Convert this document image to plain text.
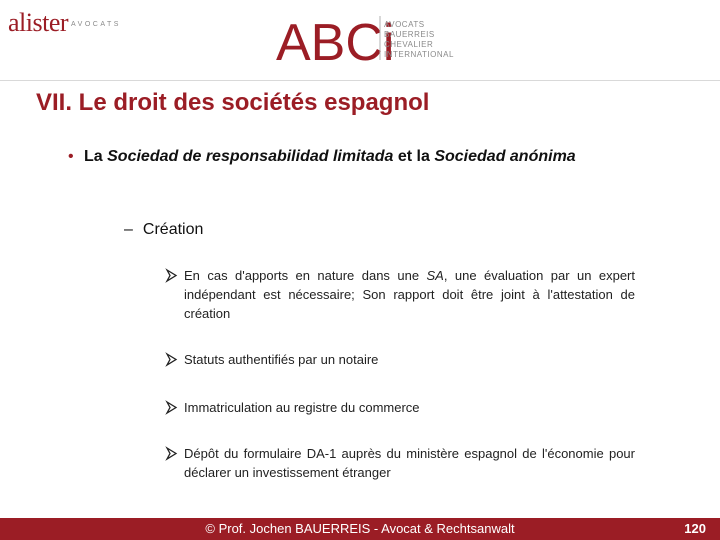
alister AVOCATS	ABCi
AVOCATS
BAUERREIS
CHEVALIER
INTERNATIONAL
VII. Le droit des sociétés espagnol
• La Sociedad de responsabilidad limitada et la Sociedad anónima
– Création
En cas d'apports en nature dans une SA, une évaluation par un expert indépendant est nécessaire; Son rapport doit être joint à l'attestation de création
Statuts authentifiés par un notaire
Immatriculation au registre du commerce
Dépôt du formulaire DA-1 auprès du ministère espagnol de l'économie pour déclarer un investissement étranger
© Prof. Jochen BAUERREIS - Avocat & Rechtsanwalt	120
